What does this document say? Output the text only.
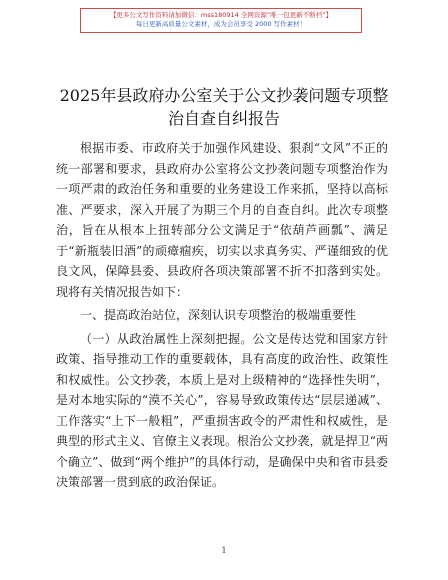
【更多公文写作资料请加微信：mss180914 全网资源“唯一包更新不断档”】
每日更新高质量公文素材，成为会员享受 2000 写作素材！
2025年县政府办公室关于公文抄袭问题专项整治自查自纠报告

根据市委、市政府关于加强作风建设、狠刹“文风”不正的统一部署和要求，县政府办公室将公文抄袭问题专项整治作为一项严肃的政治任务和重要的业务建设工作来抓，坚持以高标准、严要求，深入开展了为期三个月的自查自纠。此次专项整治，旨在从根本上扭转部分公文满足于“依葫芦画瓢”、满足于“新瓶装旧酒”的顽瘴痼疾，切实以求真务实、严谨细致的优良文风，保障县委、县政府各项决策部署不折不扣落到实处。现将有关情况报告如下：

一、提高政治站位，深刻认识专项整治的极端重要性

（一）从政治属性上深刻把握。公文是传达党和国家方针政策、指导推动工作的重要载体，具有高度的政治性、政策性和权威性。公文抄袭，本质上是对上级精神的“选择性失明”，是对本地实际的“漠不关心”，容易导致政策传达“层层递减”、工作落实“上下一般粗”，严重损害政令的严肃性和权威性，是典型的形式主义、官僚主义表现。根治公文抄袭，就是捍卫“两个确立”、做到“两个维护”的具体行动，是确保中央和省市县委决策部署一贯到底的政治保证。

1
